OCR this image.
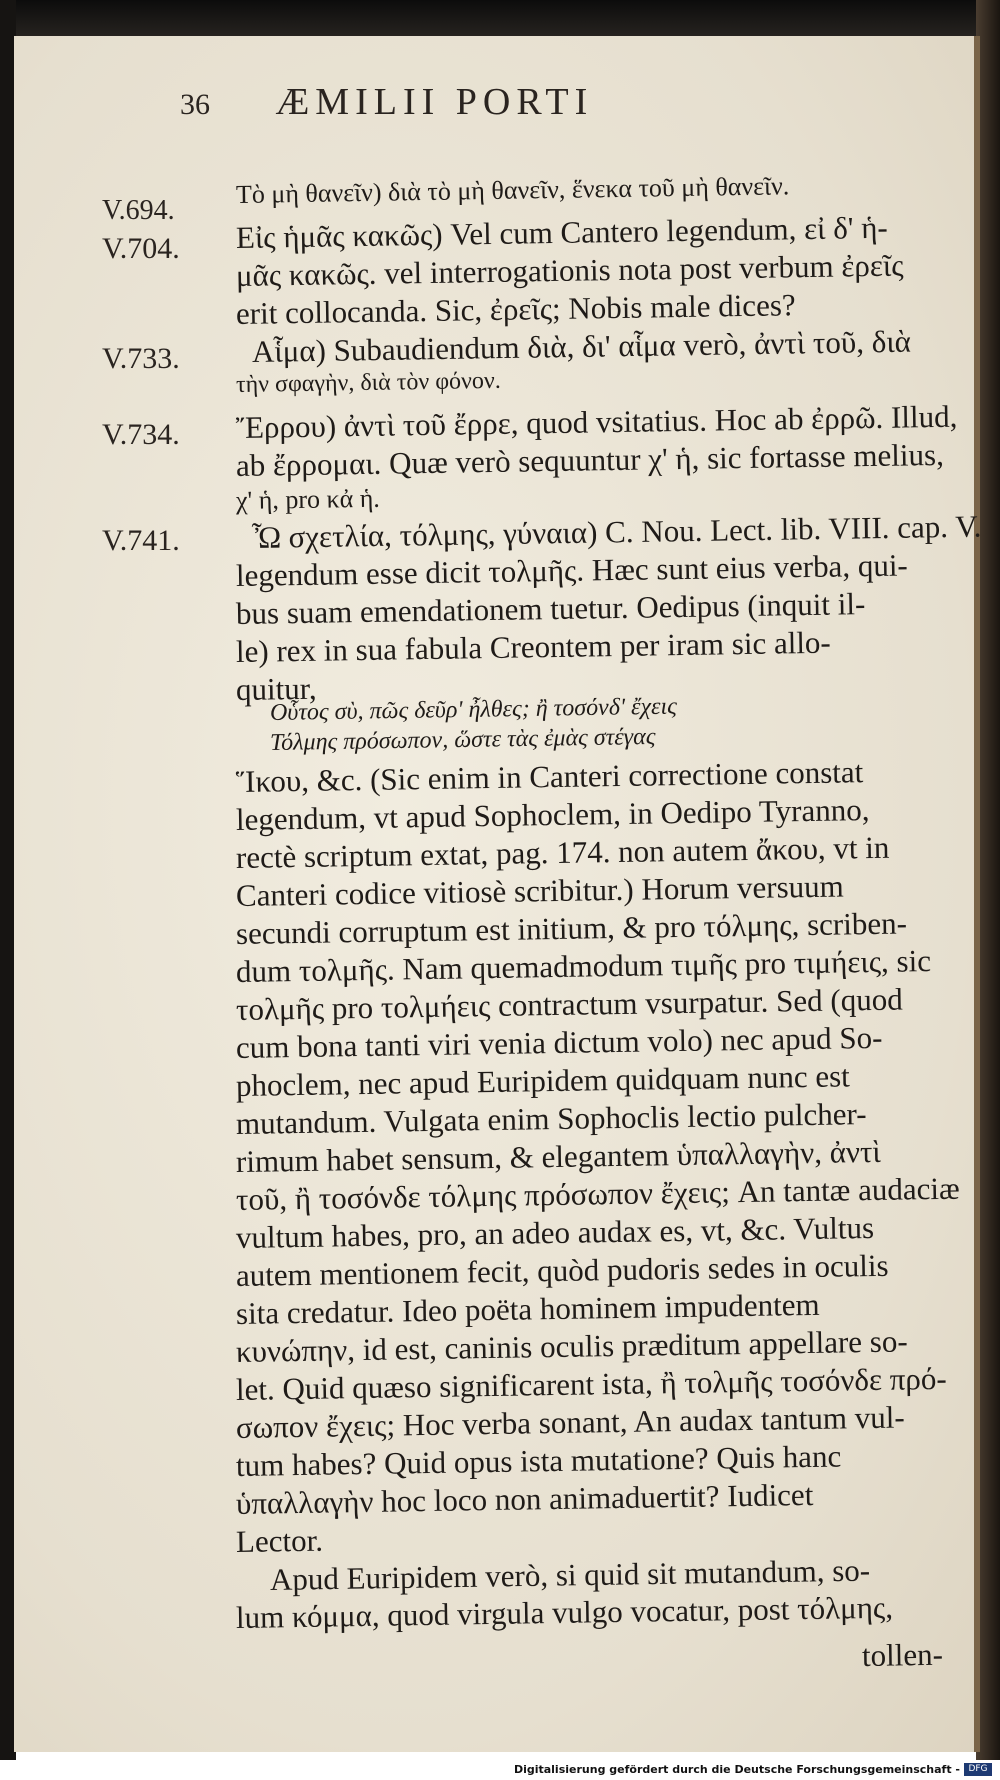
36 ÆMILII PORTI
V.694.
V.704.
V.733.
V.734.
V.741.
Τὸ μὴ θανεῖν) διὰ τὸ μὴ θανεῖν, ἕνεκα τοῦ μὴ θανεῖν.
Εἰς ἡμᾶς κακῶς) Vel cum Cantero legendum, εἰ δ' ἡ-
μᾶς κακῶς. vel interrogationis nota post verbum ἐρεῖς
erit collocanda. Sic, ἐρεῖς; Nobis male dices?
Αἷμα) Subaudiendum διὰ, δι' αἷμα verò, ἀντὶ τοῦ, διὰ
τὴν σφαγὴν, διὰ τὸν φόνον.
Ἔρρου) ἀντὶ τοῦ ἔρρε, quod vsitatius. Hoc ab ἐρρῶ. Illud,
ab ἔρρομαι. Quæ verò sequuntur χ' ἡ, sic fortasse melius,
χ' ἡ, pro κἀ ἡ.
Ὦ σχετλία, τόλμης, γύναια) C. Nou. Lect. lib. VIII. cap. V.
legendum esse dicit τολμῆς. Hæc sunt eius verba, qui-
bus suam emendationem tuetur. Oedipus (inquit il-
le) rex in sua fabula Creontem per iram sic allo-
quitur,
Οὗτος σὺ, πῶς δεῦρ' ἦλθες; ἢ τοσόνδ' ἔχεις
Τόλμης πρόσωπον, ὥστε τὰς ἐμὰς στέγας
Ἵκου, &c. (Sic enim in Canteri correctione constat
legendum, vt apud Sophoclem, in Oedipo Tyranno,
rectè scriptum extat, pag. 174. non autem ἄκου, vt in
Canteri codice vitiosè scribitur.) Horum versuum
secundi corruptum est initium, & pro τόλμης, scriben-
dum τολμῆς. Nam quemadmodum τιμῆς pro τιμήεις, sic
τολμῆς pro τολμήεις contractum vsurpatur. Sed (quod
cum bona tanti viri venia dictum volo) nec apud So-
phoclem, nec apud Euripidem quidquam nunc est
mutandum. Vulgata enim Sophoclis lectio pulcher-
rimum habet sensum, & elegantem ὑπαλλαγὴν, ἀντὶ
τοῦ, ἢ τοσόνδε τόλμης πρόσωπον ἔχεις; An tantæ audaciæ
vultum habes, pro, an adeo audax es, vt, &c. Vultus
autem mentionem fecit, quòd pudoris sedes in oculis
sita credatur. Ideo poëta hominem impudentem
κυνώπην, id est, caninis oculis præditum appellare so-
let. Quid quæso significarent ista, ἢ τολμῆς τοσόνδε πρό-
σωπον ἔχεις; Hoc verba sonant, An audax tantum vul-
tum habes? Quid opus ista mutatione? Quis hanc
ὑπαλλαγὴν hoc loco non animaduertit? Iudicet
Lector.
Apud Euripidem verò, si quid sit mutandum, so-
lum κόμμα, quod virgula vulgo vocatur, post τόλμης,
tollen-
Digitalisierung gefördert durch die Deutsche Forschungsgemeinschaft - DFG
